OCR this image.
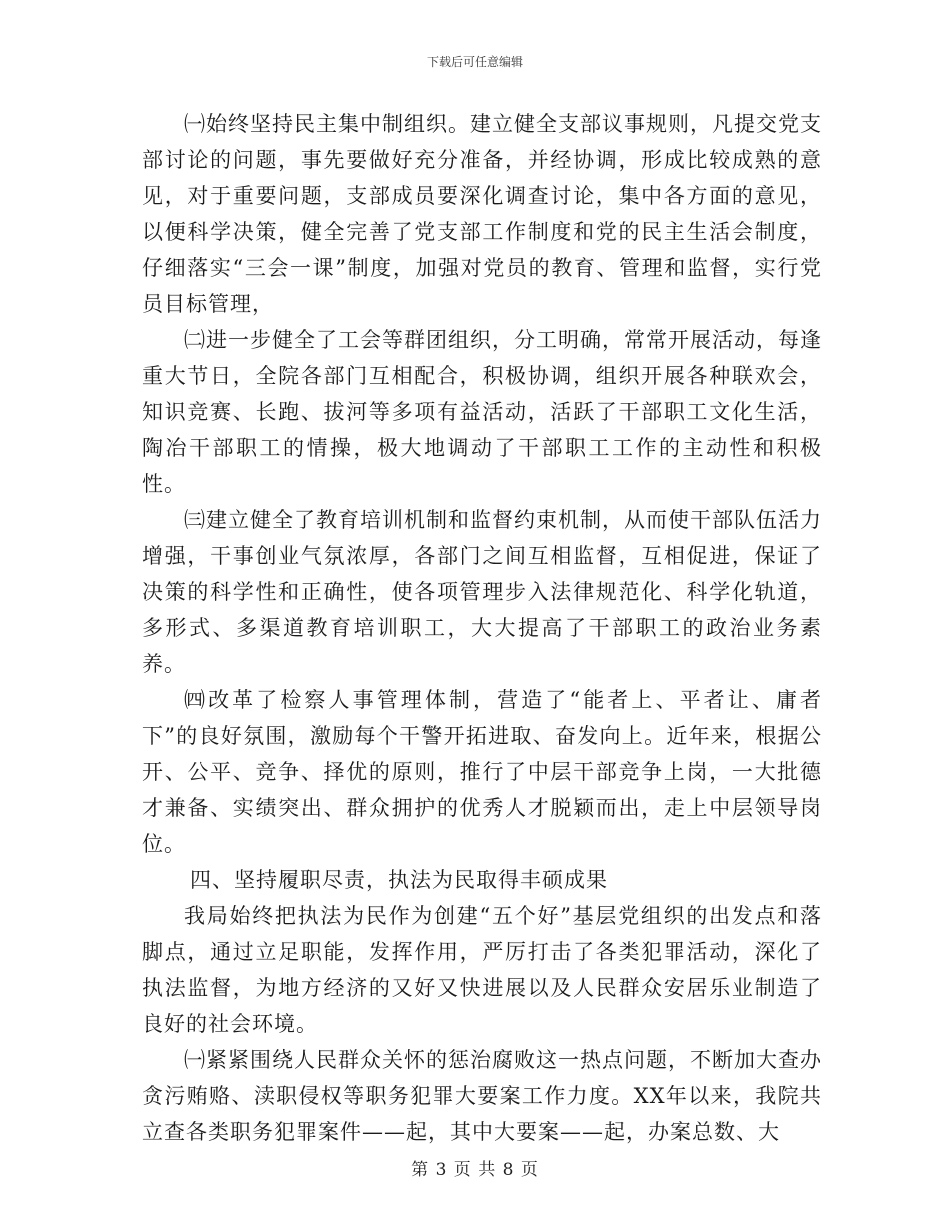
下载后可任意编辑

㈠始终坚持民主集中制组织。建立健全支部议事规则，凡提交党支部讨论的问题，事先要做好充分准备，并经协调，形成比较成熟的意见，对于重要问题，支部成员要深化调查讨论，集中各方面的意见，以便科学决策，健全完善了党支部工作制度和党的民主生活会制度，仔细落实“三会一课”制度，加强对党员的教育、管理和监督，实行党员目标管理，

㈡进一步健全了工会等群团组织，分工明确，常常开展活动，每逢重大节日，全院各部门互相配合，积极协调，组织开展各种联欢会，知识竞赛、长跑、拔河等多项有益活动，活跃了干部职工文化生活，陶冶干部职工的情操，极大地调动了干部职工工作的主动性和积极性。

㈢建立健全了教育培训机制和监督约束机制，从而使干部队伍活力增强，干事创业气氛浓厚，各部门之间互相监督，互相促进，保证了决策的科学性和正确性，使各项管理步入法律规范化、科学化轨道，多形式、多渠道教育培训职工，大大提高了干部职工的政治业务素养。

㈣改革了检察人事管理体制，营造了“能者上、平者让、庸者下”的良好氛围，激励每个干警开拓进取、奋发向上。近年来，根据公开、公平、竞争、择优的原则，推行了中层干部竞争上岗，一大批德才兼备、实绩突出、群众拥护的优秀人才脱颖而出，走上中层领导岗位。

四、坚持履职尽责，执法为民取得丰硕成果

我局始终把执法为民作为创建“五个好”基层党组织的出发点和落脚点，通过立足职能，发挥作用，严厉打击了各类犯罪活动，深化了执法监督，为地方经济的又好又快进展以及人民群众安居乐业制造了良好的社会环境。

㈠紧紧围绕人民群众关怀的惩治腐败这一热点问题，不断加大查办贪污贿赂、渎职侵权等职务犯罪大要案工作力度。XX年以来，我院共立查各类职务犯罪案件——起，其中大要案——起，办案总数、大

第 3 页 共 8 页
